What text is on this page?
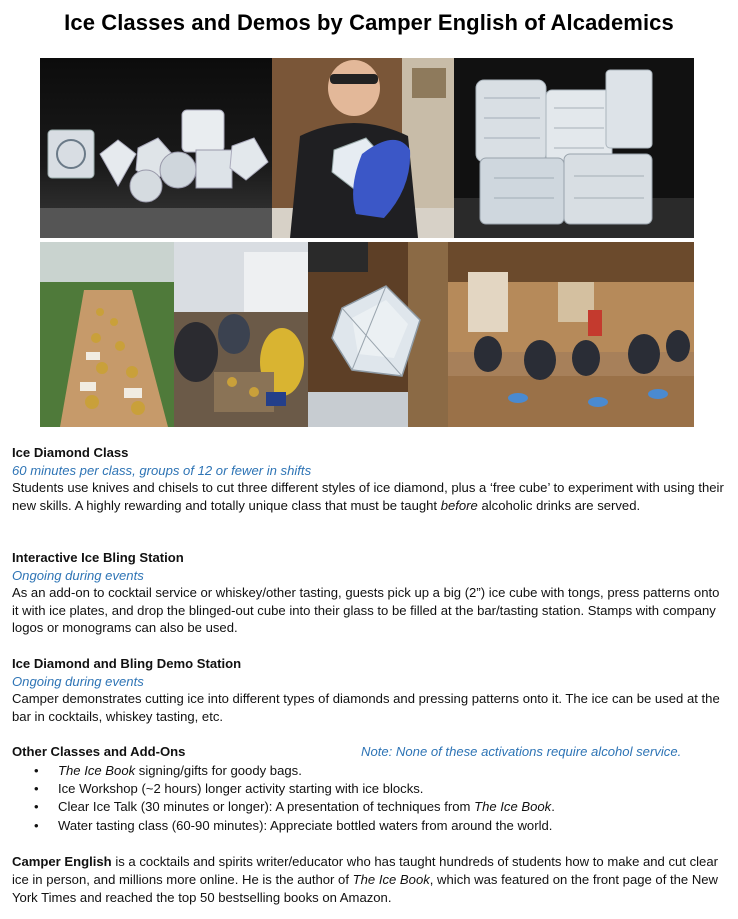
Ice Classes and Demos by Camper English of Alcademics
Ice Diamond Class
60 minutes per class, groups of 12 or fewer in shifts
Students use knives and chisels to cut three different styles of ice diamond, plus a ‘free cube’ to experiment with using their new skills. A highly rewarding and totally unique class that must be taught before alcoholic drinks are served.
Interactive Ice Bling Station
Ongoing during events
As an add-on to cocktail service or whiskey/other tasting, guests pick up a big (2”) ice cube with tongs, press patterns onto it with ice plates, and drop the blinged-out cube into their glass to be filled at the bar/tasting station. Stamps with company logos or monograms can also be used.
Ice Diamond and Bling Demo Station
Ongoing during events
Camper demonstrates cutting ice into different types of diamonds and pressing patterns onto it. The ice can be used at the bar in cocktails, whiskey tasting, etc.
Other Classes and Add-Ons	Note: None of these activations require alcohol service.
• The Ice Book signing/gifts for goody bags.
• Ice Workshop (~2 hours) longer activity starting with ice blocks.
• Clear Ice Talk (30 minutes or longer): A presentation of techniques from The Ice Book.
• Water tasting class (60-90 minutes): Appreciate bottled waters from around the world.
Camper English is a cocktails and spirits writer/educator who has taught hundreds of students how to make and cut clear ice in person, and millions more online. He is the author of The Ice Book, which was featured on the front page of the New York Times and reached the top 50 bestselling books on Amazon.
